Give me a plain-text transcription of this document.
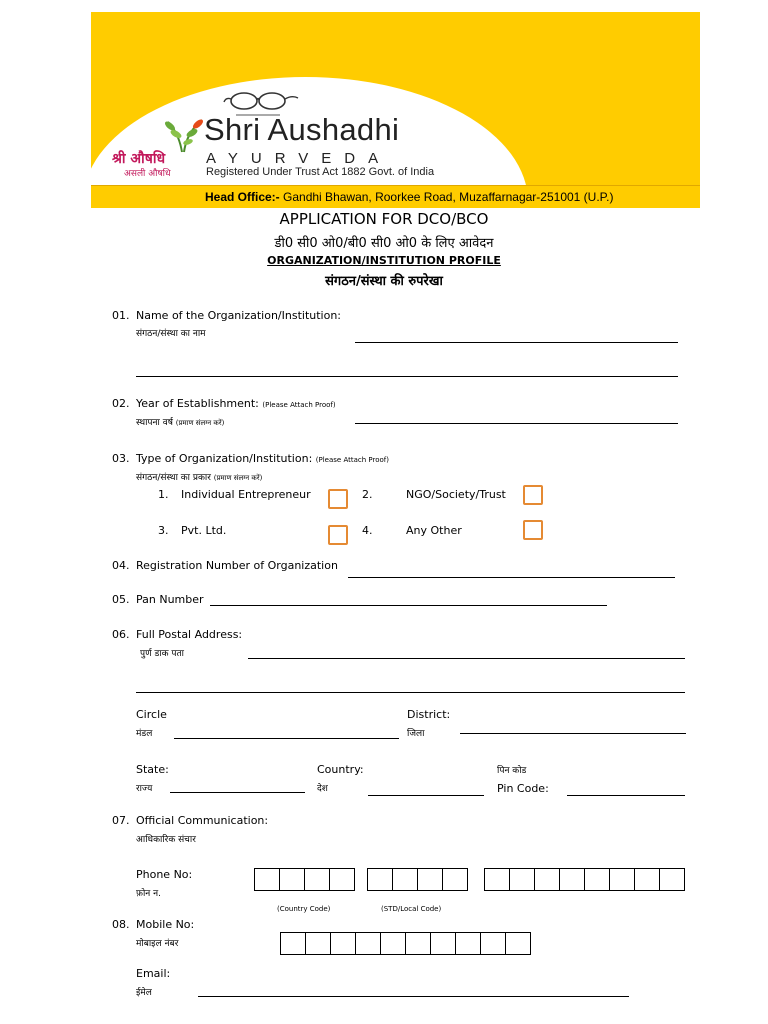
Shri Aushadhi
AYURVEDA
Registered Under Trust Act 1882 Govt. of India
श्री औषधि
असली औषधि
Head Office:- Gandhi Bhawan, Roorkee Road, Muzaffarnagar-251001 (U.P.)
APPLICATION FOR DCO/BCO
डी0 सी0 ओ0/बी0 सी0 ओ0 के लिए आवेदन
ORGANIZATION/INSTITUTION PROFILE
संगठन/संस्था की रुपरेखा
01. Name of the Organization/Institution:
संगठन/संस्था का नाम
02. Year of Establishment: (Please Attach Proof)
स्थापना वर्ष (प्रमाण संलग्न करें)
03. Type of Organization/Institution: (Please Attach Proof)
संगठन/संस्था का प्रकार (प्रमाण संलग्न करें)
1. Individual Entrepreneur	2.	NGO/Society/Trust
3. Pvt. Ltd.	4.	Any Other
04. Registration Number of Organization
05. Pan Number
06. Full Postal Address:
पुर्ण डाक पता
Circle
मंडल
District:
जिला
State:
राज्य
Country:
देश
पिन कोड
Pin Code:
07. Official Communication:
आधिकारिक संचार
Phone No:
फ़ोन न.
(Country Code)	(STD/Local Code)
08. Mobile No:
मोबाइल नंबर
Email:
ईमेल
